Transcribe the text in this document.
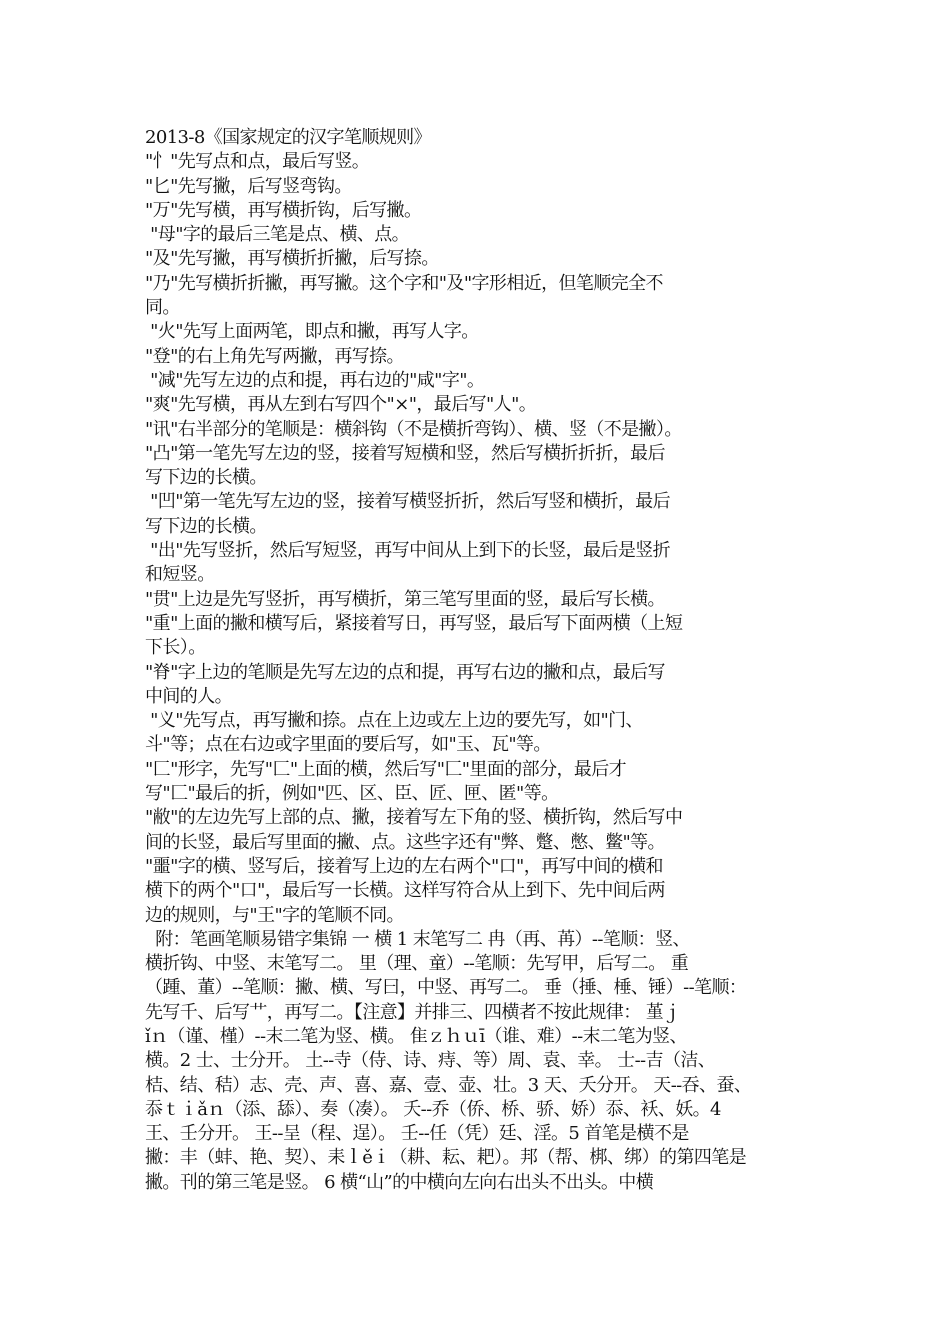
2013-8《国家规定的汉字笔顺规则》
"忄"先写点和点，最后写竖。
"匕"先写撇，后写竖弯钩。
"万"先写横，再写横折钩，后写撇。
"母"字的最后三笔是点、横、点。
"及"先写撇，再写横折折撇，后写捺。
"乃"先写横折折撇，再写撇。这个字和"及"字形相近，但笔顺完全不
同。
"火"先写上面两笔，即点和撇，再写人字。
"登"的右上角先写两撇，再写捺。
"减"先写左边的点和提，再右边的"咸"字"。
"爽"先写横，再从左到右写四个"×"，最后写"人"。
"讯"右半部分的笔顺是：横斜钩（不是横折弯钩）、横、竖（不是撇）。
"凸"第一笔先写左边的竖，接着写短横和竖，然后写横折折折，最后
写下边的长横。
"凹"第一笔先写左边的竖，接着写横竖折折，然后写竖和横折，最后
写下边的长横。
"出"先写竖折，然后写短竖，再写中间从上到下的长竖，最后是竖折
和短竖。
"贯"上边是先写竖折，再写横折，第三笔写里面的竖，最后写长横。
"重"上面的撇和横写后，紧接着写日，再写竖，最后写下面两横（上短
下长）。
"脊"字上边的笔顺是先写左边的点和提，再写右边的撇和点，最后写
中间的人。
"义"先写点，再写撇和捺。点在上边或左上边的要先写，如"门、
斗"等；点在右边或字里面的要后写，如"玉、瓦"等。
"匚"形字，先写"匚"上面的横，然后写"匚"里面的部分，最后才
写"匚"最后的折，例如"匹、区、臣、匠、匣、匿"等。
"敝"的左边先写上部的点、撇，接着写左下角的竖、横折钩，然后写中
间的长竖，最后写里面的撇、点。这些字还有"弊、蹩、憋、鳖"等。
"噩"字的横、竖写后，接着写上边的左右两个"口"，再写中间的横和
横下的两个"口"，最后写一长横。这样写符合从上到下、先中间后两
边的规则，与"王"字的笔顺不同。
附：笔画笔顺易错字集锦 一 横 1 末笔写二 冉（再、苒）--笔顺：竖、
横折钩、中竖、末笔写二。 里（理、童）--笔顺：先写甲，后写二。 重
（踵、董）--笔顺：撇、横、写曰，中竖、再写二。 垂（捶、棰、锤）--笔顺：
先写千、后写艹，再写二。【注意】并排三、四横者不按此规律： 堇ｊ
ǐｎ（谨、槿）--末二笔为竖、横。 隹ｚｈｕī（谁、难）--末二笔为竖、
横。2 士、士分开。 土--寺（侍、诗、痔、等）周、袁、幸。 士--吉（洁、
桔、结、秸）志、壳、声、喜、嘉、壹、壶、壮。3 天、夭分开。 天--吞、蚕、
忝ｔｉǎｎ（添、舔）、奏（凑）。 夭--乔（侨、桥、骄、娇）忝、袄、妖。4
王、壬分开。 王--呈（程、逞）。 壬--任（凭）廷、淫。5 首笔是横不是
撇：丰（蚌、艳、契）、耒ｌěｉ（耕、耘、耙）。邦（帮、梆、绑）的第四笔是
撇。刊的第三笔是竖。 6 横“山”的中横向左向右出头不出头。中横
